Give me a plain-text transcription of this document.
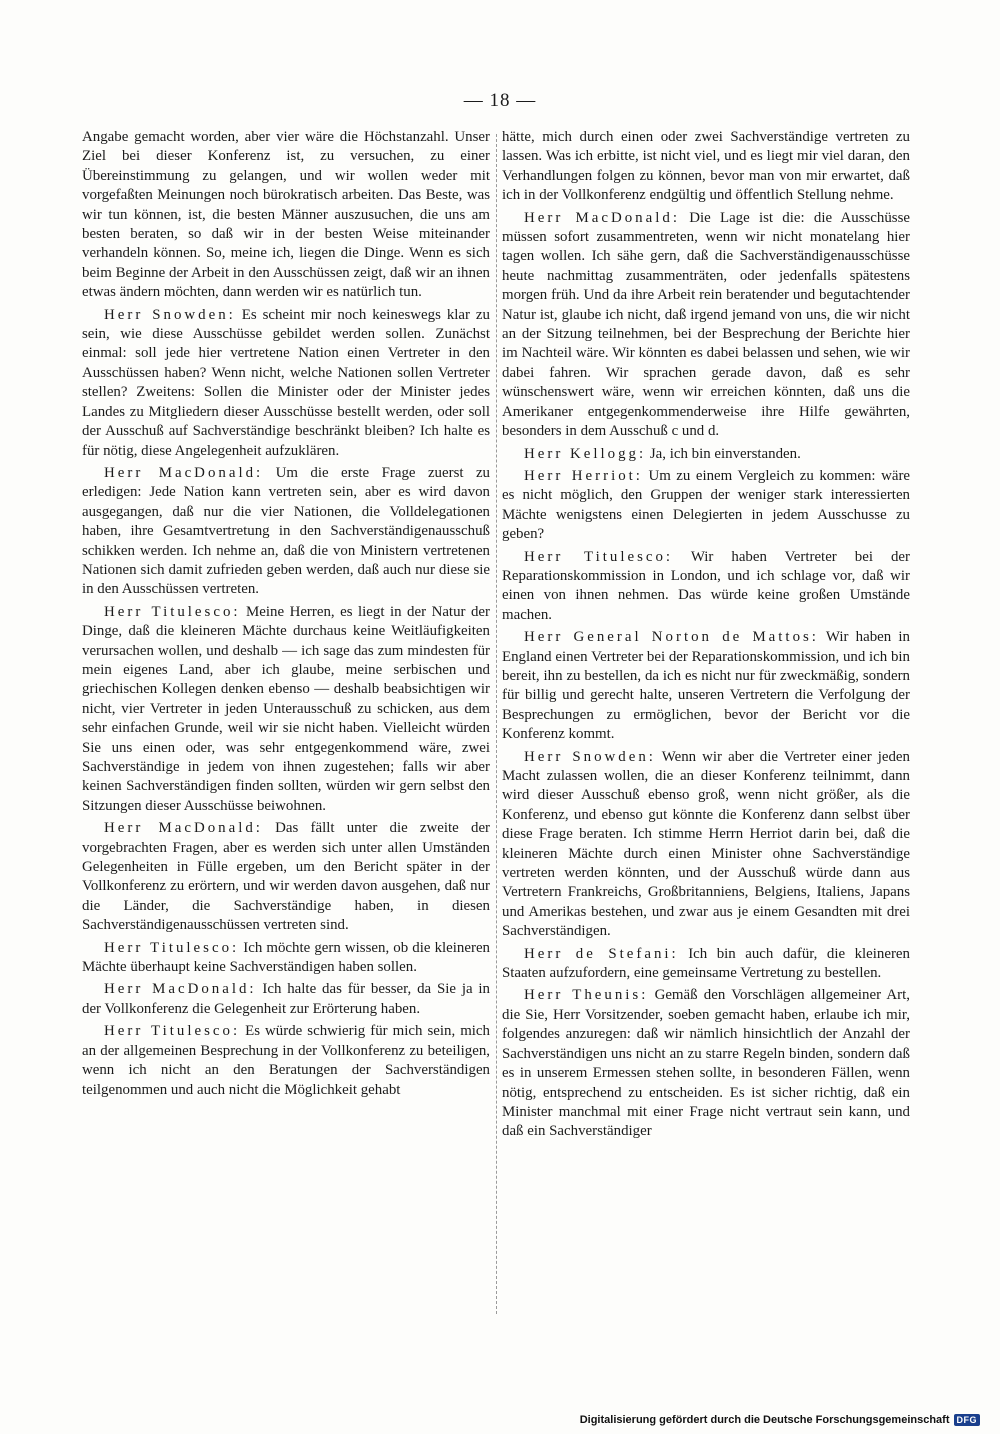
— 18 —

Angabe gemacht worden, aber vier wäre die Höchstanzahl. Unser Ziel bei dieser Konferenz ist, zu versuchen, zu einer Übereinstimmung zu gelangen, und wir wollen weder mit vorgefaßten Meinungen noch bürokratisch arbeiten. Das Beste, was wir tun können, ist, die besten Männer auszusuchen, die uns am besten beraten, so daß wir in der besten Weise miteinander verhandeln können. So, meine ich, liegen die Dinge. Wenn es sich beim Beginne der Arbeit in den Ausschüssen zeigt, daß wir an ihnen etwas ändern möchten, dann werden wir es natürlich tun.

Herr Snowden: Es scheint mir noch keineswegs klar zu sein, wie diese Ausschüsse gebildet werden sollen. Zunächst einmal: soll jede hier vertretene Nation einen Vertreter in den Ausschüssen haben? Wenn nicht, welche Nationen sollen Vertreter stellen? Zweitens: Sollen die Minister oder der Minister jedes Landes zu Mitgliedern dieser Ausschüsse bestellt werden, oder soll der Ausschuß auf Sachverständige beschränkt bleiben? Ich halte es für nötig, diese Angelegenheit aufzuklären.

Herr MacDonald: Um die erste Frage zuerst zu erledigen: Jede Nation kann vertreten sein, aber es wird davon ausgegangen, daß nur die vier Nationen, die Volldelegationen haben, ihre Gesamtvertretung in den Sachverständigenausschuß schikken werden. Ich nehme an, daß die von Ministern vertretenen Nationen sich damit zufrieden geben werden, daß auch nur diese sie in den Ausschüssen vertreten.

Herr Titulesco: Meine Herren, es liegt in der Natur der Dinge, daß die kleineren Mächte durchaus keine Weitläufigkeiten verursachen wollen, und deshalb — ich sage das zum mindesten für mein eigenes Land, aber ich glaube, meine serbischen und griechischen Kollegen denken ebenso — deshalb beabsichtigen wir nicht, vier Vertreter in jeden Unterausschuß zu schicken, aus dem sehr einfachen Grunde, weil wir sie nicht haben. Vielleicht würden Sie uns einen oder, was sehr entgegenkommend wäre, zwei Sachverständige in jedem von ihnen zugestehen; falls wir aber keinen Sachverständigen finden sollten, würden wir gern selbst den Sitzungen dieser Ausschüsse beiwohnen.

Herr MacDonald: Das fällt unter die zweite der vorgebrachten Fragen, aber es werden sich unter allen Umständen Gelegenheiten in Fülle ergeben, um den Bericht später in der Vollkonferenz zu erörtern, und wir werden davon ausgehen, daß nur die Länder, die Sachverständige haben, in diesen Sachverständigenausschüssen vertreten sind.

Herr Titulesco: Ich möchte gern wissen, ob die kleineren Mächte überhaupt keine Sachverständigen haben sollen.

Herr MacDonald: Ich halte das für besser, da Sie ja in der Vollkonferenz die Gelegenheit zur Erörterung haben.

Herr Titulesco: Es würde schwierig für mich sein, mich an der allgemeinen Besprechung in der Vollkonferenz zu beteiligen, wenn ich nicht an den Beratungen der Sachverständigen teilgenommen und auch nicht die Möglichkeit gehabt

hätte, mich durch einen oder zwei Sachverständige vertreten zu lassen. Was ich erbitte, ist nicht viel, und es liegt mir viel daran, den Verhandlungen folgen zu können, bevor man von mir erwartet, daß ich in der Vollkonferenz endgültig und öffentlich Stellung nehme.

Herr MacDonald: Die Lage ist die: die Ausschüsse müssen sofort zusammentreten, wenn wir nicht monatelang hier tagen wollen. Ich sähe gern, daß die Sachverständigenausschüsse heute nachmittag zusammenträten, oder jedenfalls spätestens morgen früh. Und da ihre Arbeit rein beratender und begutachtender Natur ist, glaube ich nicht, daß irgend jemand von uns, die wir nicht an der Sitzung teilnehmen, bei der Besprechung der Berichte hier im Nachteil wäre. Wir könnten es dabei belassen und sehen, wie wir dabei fahren. Wir sprachen gerade davon, daß es sehr wünschenswert wäre, wenn wir erreichen könnten, daß uns die Amerikaner entgegenkommenderweise ihre Hilfe gewährten, besonders in dem Ausschuß c und d.

Herr Kellogg: Ja, ich bin einverstanden.

Herr Herriot: Um zu einem Vergleich zu kommen: wäre es nicht möglich, den Gruppen der weniger stark interessierten Mächte wenigstens einen Delegierten in jedem Ausschusse zu geben?

Herr Titulesco: Wir haben Vertreter bei der Reparationskommission in London, und ich schlage vor, daß wir einen von ihnen nehmen. Das würde keine großen Umstände machen.

Herr General Norton de Mattos: Wir haben in England einen Vertreter bei der Reparationskommission, und ich bin bereit, ihn zu bestellen, da ich es nicht nur für zweckmäßig, sondern für billig und gerecht halte, unseren Vertretern die Verfolgung der Besprechungen zu ermöglichen, bevor der Bericht vor die Konferenz kommt.

Herr Snowden: Wenn wir aber die Vertreter einer jeden Macht zulassen wollen, die an dieser Konferenz teilnimmt, dann wird dieser Ausschuß ebenso groß, wenn nicht größer, als die Konferenz, und ebenso gut könnte die Konferenz dann selbst über diese Frage beraten. Ich stimme Herrn Herriot darin bei, daß die kleineren Mächte durch einen Minister ohne Sachverständige vertreten werden könnten, und der Ausschuß würde dann aus Vertretern Frankreichs, Großbritanniens, Belgiens, Italiens, Japans und Amerikas bestehen, und zwar aus je einem Gesandten mit drei Sachverständigen.

Herr de Stefani: Ich bin auch dafür, die kleineren Staaten aufzufordern, eine gemeinsame Vertretung zu bestellen.

Herr Theunis: Gemäß den Vorschlägen allgemeiner Art, die Sie, Herr Vorsitzender, soeben gemacht haben, erlaube ich mir, folgendes anzuregen: daß wir nämlich hinsichtlich der Anzahl der Sachverständigen uns nicht an zu starre Regeln binden, sondern daß es in unserem Ermessen stehen sollte, in besonderen Fällen, wenn nötig, entsprechend zu entscheiden. Es ist sicher richtig, daß ein Minister manchmal mit einer Frage nicht vertraut sein kann, und daß ein Sachverständiger

Digitalisierung gefördert durch die Deutsche Forschungsgemeinschaft DFG
